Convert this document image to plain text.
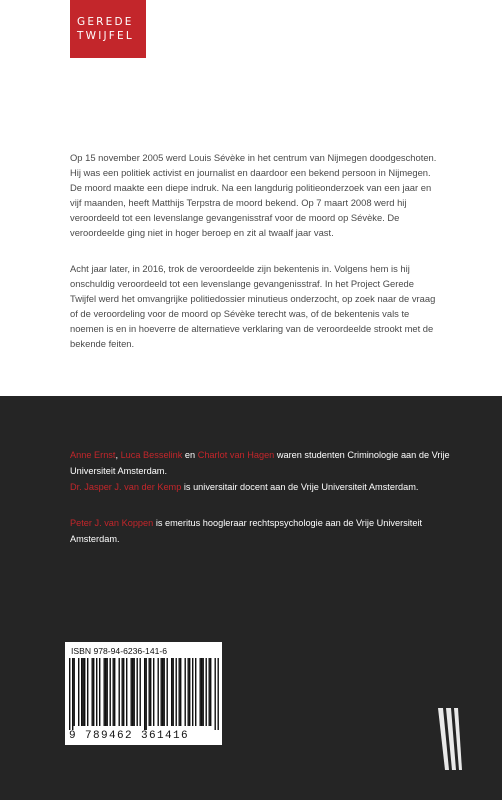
GEREDE
TWIJFEL

Op 15 november 2005 werd Louis Sévèke in het centrum van Nijmegen doodgeschoten. Hij was een politiek activist en journalist en daardoor een bekend persoon in Nijmegen. De moord maakte een diepe indruk. Na een langdurig politieonderzoek van een jaar en vijf maanden, heeft Matthijs Terpstra de moord bekend. Op 7 maart 2008 werd hij veroordeeld tot een levenslange gevangenisstraf voor de moord op Sévèke. De veroordeelde ging niet in hoger beroep en zit al twaalf jaar vast.

Acht jaar later, in 2016, trok de veroordeelde zijn bekentenis in. Volgens hem is hij onschuldig veroordeeld tot een levenslange gevangenisstraf. In het Project Gerede Twijfel werd het omvangrijke politiedossier minutieus onderzocht, op zoek naar de vraag of de veroordeling voor de moord op Sévèke terecht was, of de bekentenis vals te noemen is en in hoeverre de alternatieve verklaring van de veroordeelde strookt met de bekende feiten.

Anne Ernst, Luca Besselink en Charlot van Hagen waren studenten Criminologie aan de Vrije Universiteit Amsterdam.

Dr. Jasper J. van der Kemp is universitair docent aan de Vrije Universiteit Amsterdam.

Peter J. van Koppen is emeritus hoogleraar rechtspsychologie aan de Vrije Universiteit Amsterdam.

ISBN 978-94-6236-141-6
9 789462 361416
